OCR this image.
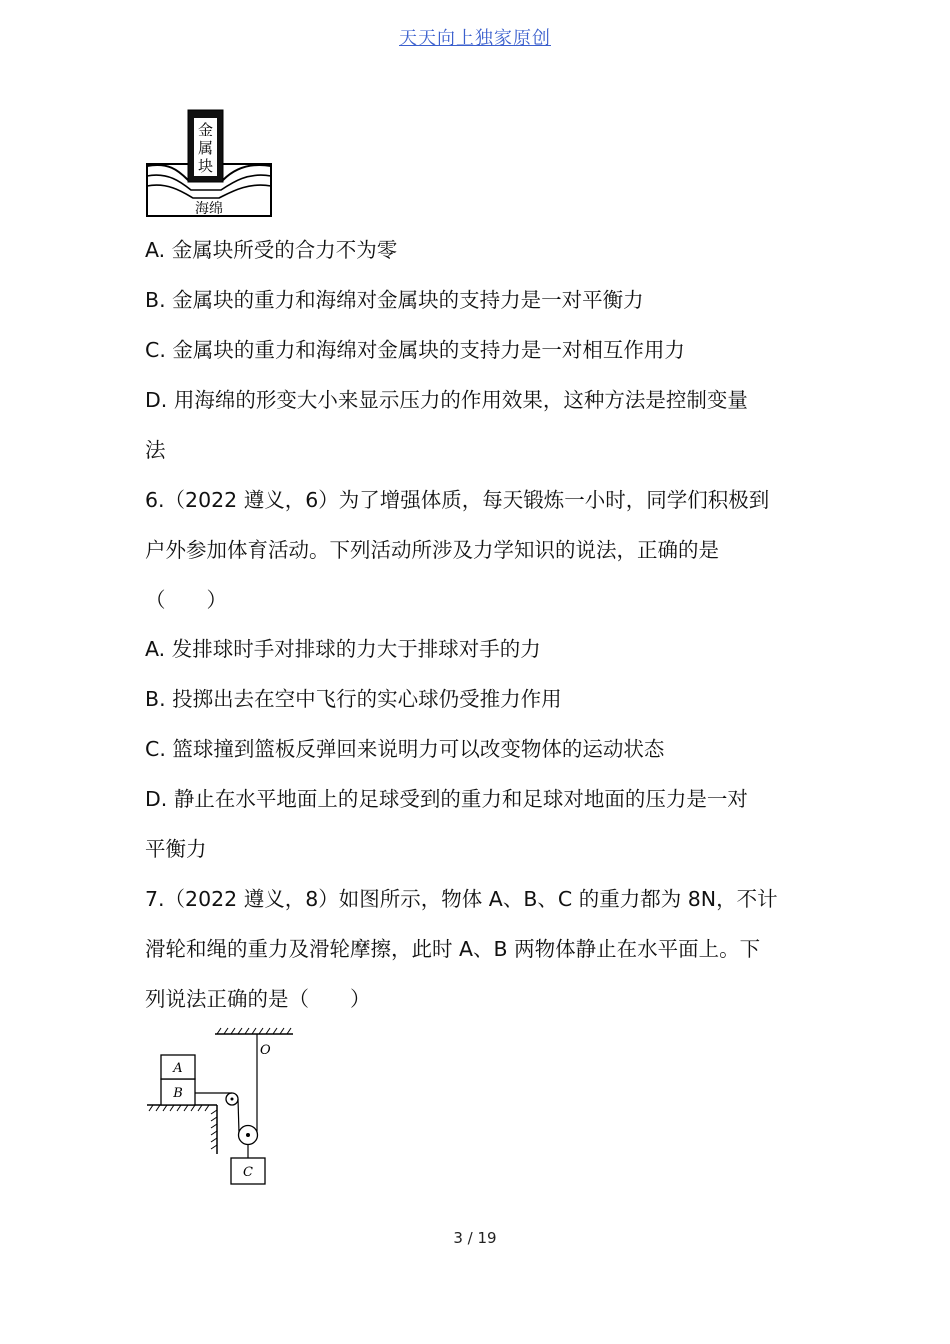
天天向上独家原创
金
属
块
海绵
A. 金属块所受的合力不为零
B. 金属块的重力和海绵对金属块的支持力是一对平衡力
C. 金属块的重力和海绵对金属块的支持力是一对相互作用力
D. 用海绵的形变大小来显示压力的作用效果，这种方法是控制变量
法
6.（2022 遵义，6）为了增强体质，每天锻炼一小时，同学们积极到
户外参加体育活动。下列活动所涉及力学知识的说法，正确的是
（　　）
A. 发排球时手对排球的力大于排球对手的力
B. 投掷出去在空中飞行的实心球仍受推力作用
C. 篮球撞到篮板反弹回来说明力可以改变物体的运动状态
D. 静止在水平地面上的足球受到的重力和足球对地面的压力是一对
平衡力
7.（2022 遵义，8）如图所示，物体 A、B、C 的重力都为 8N，不计
滑轮和绳的重力及滑轮摩擦，此时 A、B 两物体静止在水平面上。下
列说法正确的是（　　）
O
B
A
C
3 / 19
